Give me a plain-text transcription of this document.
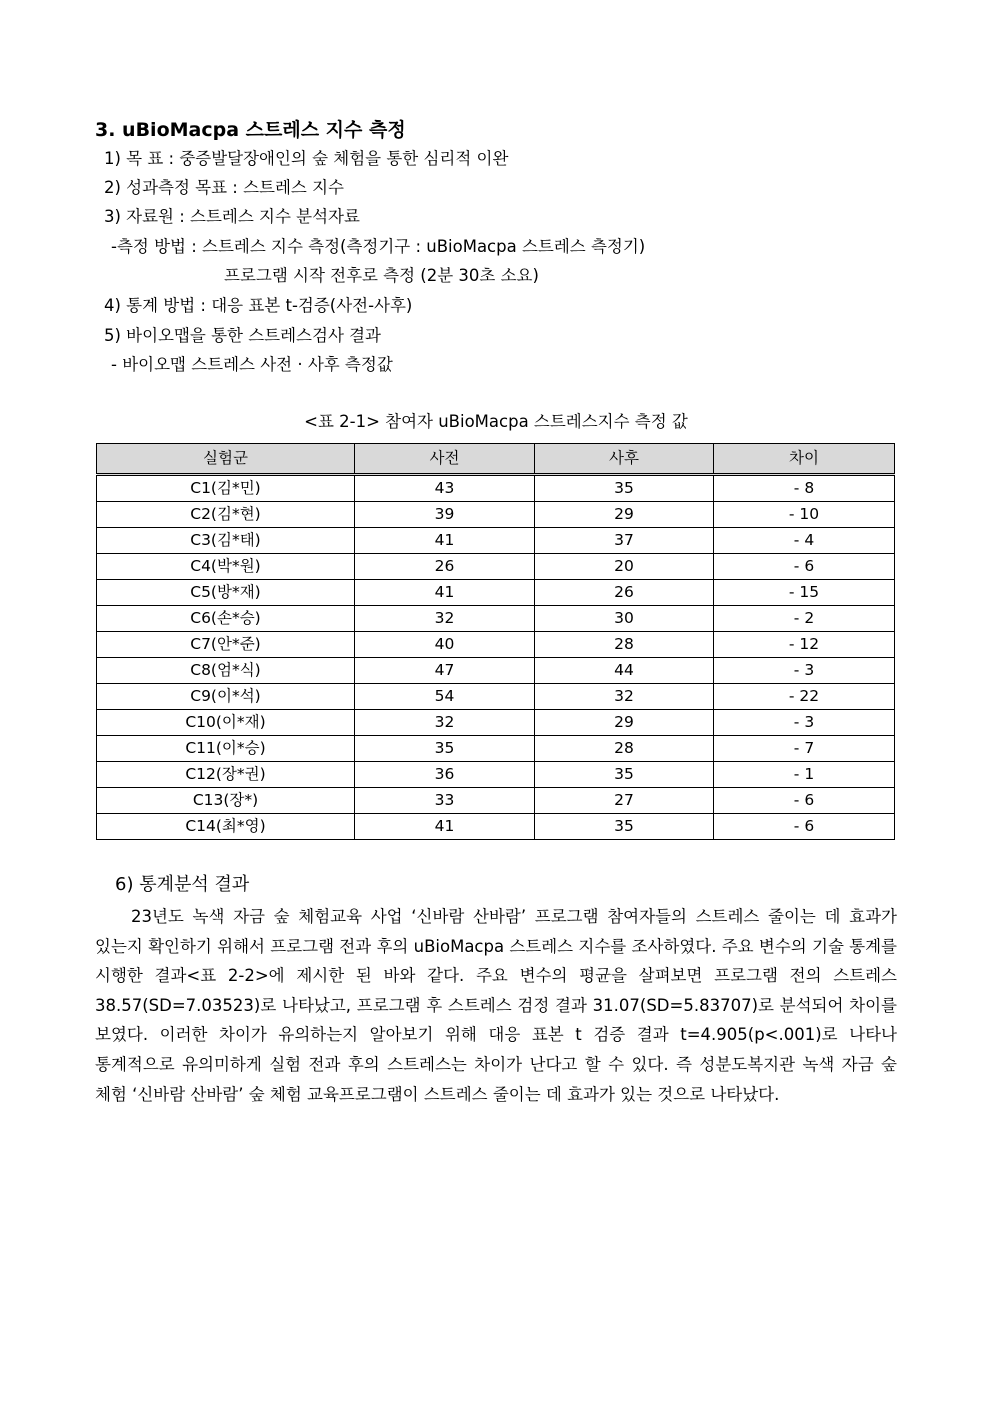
3. uBioMacpa 스트레스 지수 측정
1) 목 표 : 중증발달장애인의 숲 체험을 통한 심리적 이완
2) 성과측정 목표 : 스트레스 지수
3) 자료원 : 스트레스 지수 분석자료
-측정 방법 : 스트레스 지수 측정(측정기구 : uBioMacpa 스트레스 측정기)
프로그램 시작 전후로 측정 (2분 30초 소요)
4) 통계 방법 : 대응 표본 t-검증(사전-사후)
5) 바이오맵을 통한 스트레스검사 결과
- 바이오맵 스트레스 사전 · 사후 측정값
<표 2-1> 참여자 uBioMacpa 스트레스지수 측정 값
실험군	사전	사후	차이
C1(김*민)	43	35	- 8
C2(김*현)	39	29	- 10
C3(김*태)	41	37	- 4
C4(박*원)	26	20	- 6
C5(방*재)	41	26	- 15
C6(손*승)	32	30	- 2
C7(안*준)	40	28	- 12
C8(엄*식)	47	44	- 3
C9(이*석)	54	32	- 22
C10(이*재)	32	29	- 3
C11(이*승)	35	28	- 7
C12(장*권)	36	35	- 1
C13(장*)	33	27	- 6
C14(최*영)	41	35	- 6
6) 통계분석 결과
23년도 녹색 자금 숲 체험교육 사업 ‘신바람 산바람’ 프로그램 참여자들의 스트레스 줄이는 데 효과가 있는지 확인하기 위해서 프로그램 전과 후의 uBioMacpa 스트레스 지수를 조사하였다. 주요 변수의 기술 통계를 시행한 결과<표 2-2>에 제시한 된 바와 같다. 주요 변수의 평균을 살펴보면 프로그램 전의 스트레스 38.57(SD=7.03523)로 나타났고, 프로그램 후 스트레스 검정 결과 31.07(SD=5.83707)로 분석되어 차이를 보였다. 이러한 차이가 유의하는지 알아보기 위해 대응 표본 t 검증 결과 t=4.905(p<.001)로 나타나 통계적으로 유의미하게 실험 전과 후의 스트레스는 차이가 난다고 할 수 있다. 즉 성분도복지관 녹색 자금 숲 체험 ‘신바람 산바람’ 숲 체험 교육프로그램이 스트레스 줄이는 데 효과가 있는 것으로 나타났다.
